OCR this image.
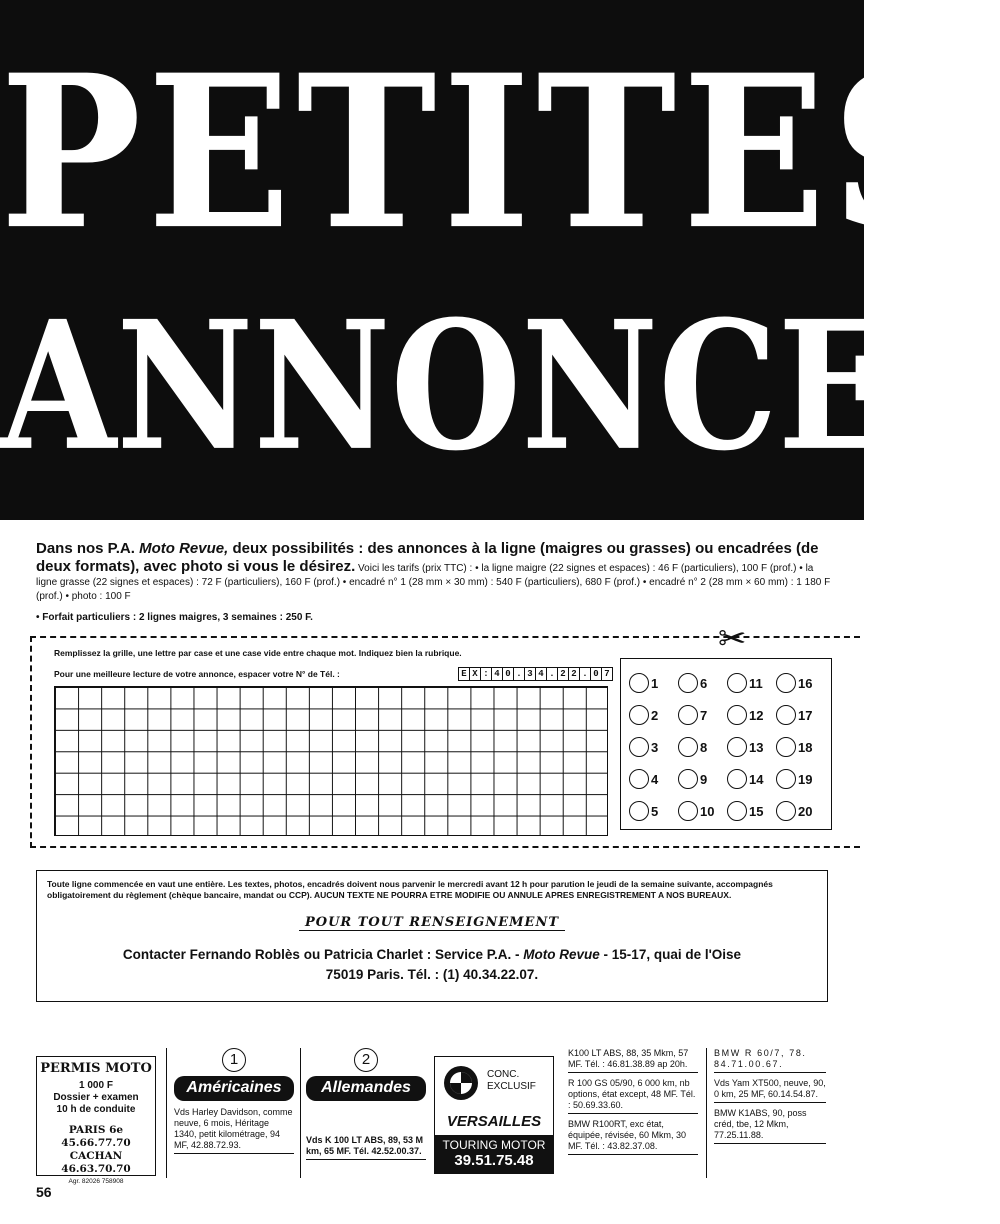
PETITES
ANNONCES
Dans nos P.A. Moto Revue, deux possibilités : des annonces à la ligne (maigres ou grasses) ou encadrées (de deux formats), avec photo si vous le désirez. Voici les tarifs (prix TTC) : • la ligne maigre (22 signes et espaces) : 46 F (particuliers), 100 F (prof.) • la ligne grasse (22 signes et espaces) : 72 F (particuliers), 160 F (prof.) • encadré n° 1 (28 mm × 30 mm) : 540 F (particuliers), 680 F (prof.) • encadré n° 2 (28 mm × 60 mm) : 1 180 F (prof.) • photo : 100 F
• Forfait particuliers : 2 lignes maigres, 3 semaines : 250 F.
✂
Remplissez la grille, une lettre par case et une case vide entre chaque mot. Indiquez bien la rubrique.
Pour une meilleure lecture de votre annonce, espacer votre N° de Tél. :	E X : 4 0 . 3 4 . 2 2 . 0 7
1	6	11	16
2	7	12	17
3	8	13	18
4	9	14	19
5	10	15	20
Toute ligne commencée en vaut une entière. Les textes, photos, encadrés doivent nous parvenir le mercredi avant 12 h pour parution le jeudi de la semaine suivante, accompagnés obligatoirement du règlement (chèque bancaire, mandat ou CCP). AUCUN TEXTE NE POURRA ETRE MODIFIE OU ANNULE APRES ENREGISTREMENT A NOS BUREAUX.
POUR TOUT RENSEIGNEMENT
Contacter Fernando Roblès ou Patricia Charlet : Service P.A. - Moto Revue - 15-17, quai de l'Oise
75019 Paris. Tél. : (1) 40.34.22.07.
PERMIS MOTO
1 000 F
Dossier + examen
10 h de conduite
PARIS 6e 45.66.77.70
CACHAN 46.63.70.70
Agr. 82026 758908
1
Américaines
Vds Harley Davidson, comme neuve, 6 mois, Héritage 1340, petit kilométrage, 94 MF, 42.88.72.93.
2
Allemandes
Vds K 100 LT ABS, 89, 53 M km, 65 MF. Tél. 42.52.00.37.
CONC.
EXCLUSIF
VERSAILLES
TOURING MOTOR
39.51.75.48
K100 LT ABS, 88, 35 Mkm, 57 MF. Tél. : 46.81.38.89 ap 20h.
R 100 GS 05/90, 6 000 km, nb options, état except, 48 MF. Tél. : 50.69.33.60.
BMW R100RT, exc état, équipée, révisée, 60 Mkm, 30 MF. Tél. : 43.82.37.08.
BMW R 60/7, 78. 84.71.00.67.
Vds Yam XT500, neuve, 90, 0 km, 25 MF, 60.14.54.87.
BMW K1ABS, 90, poss créd, tbe, 12 Mkm, 77.25.11.88.
56
